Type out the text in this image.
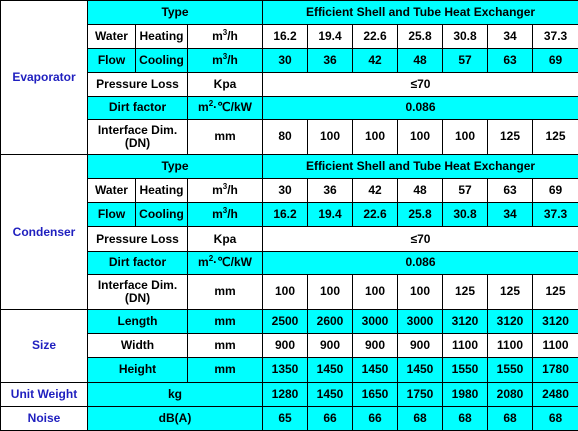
Evaporator	Type			Efficient Shell and Tube Heat Exchanger						
	Water	Heating	$m^3/h$	16.2	19.4	22.6	25.8	30.8	34	37.3
	Flow	Cooling	$m^3/h$	30	36	42	48	57	63	69
	Pressure Loss		Kpa	≤70						
	Dirt factor		$m^2\cdot℃/kW$	0.086						
	Interface Dim.(DN)		mm	80	100	100	100	100	125	125
Condenser	Type			Efficient Shell and Tube Heat Exchanger						
	Water	Heating	$m^3/h$	30	36	42	48	57	63	69
	Flow	Cooling	$m^3/h$	16.2	19.4	22.6	25.8	30.8	34	37.3
	Pressure Loss		Kpa	≤70						
	Dirt factor		$m^2\cdot℃/kW$	0.086						
	Interface Dim.(DN)		mm	100	100	100	100	125	125	125
Size	Length		mm	2500	2600	3000	3000	3120	3120	3120
	Width		mm	900	900	900	900	1100	1100	1100
	Height		mm	1350	1450	1450	1450	1550	1550	1780
Unit Weight	kg			1280	1450	1650	1750	1980	2080	2480
Noise	dB(A)			65	66	66	68	68	68	68
